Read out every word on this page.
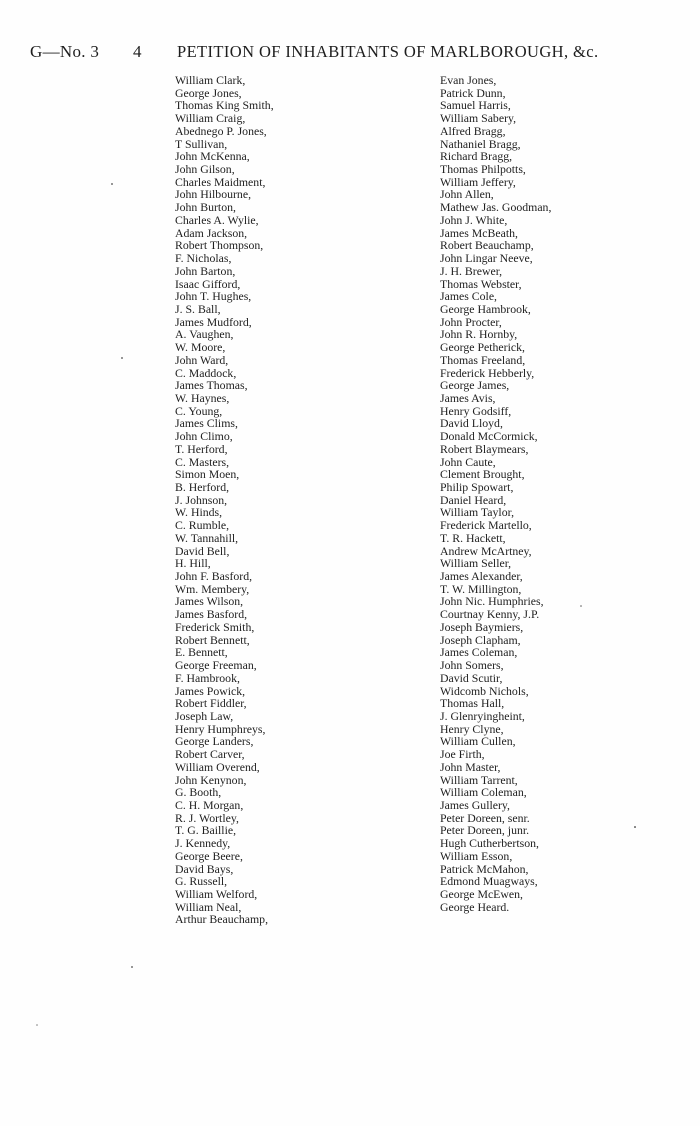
G—No. 3 4 PETITION OF INHABITANTS OF MARLBOROUGH, &c.
William Clark,
George Jones,
Thomas King Smith,
William Craig,
Abednego P. Jones,
T Sullivan,
John McKenna,
John Gilson,
Charles Maidment,
John Hilbourne,
John Burton,
Charles A. Wylie,
Adam Jackson,
Robert Thompson,
F. Nicholas,
John Barton,
Isaac Gifford,
John T. Hughes,
J. S. Ball,
James Mudford,
A. Vaughen,
W. Moore,
John Ward,
C. Maddock,
James Thomas,
W. Haynes,
C. Young,
James Clims,
John Climo,
T. Herford,
C. Masters,
Simon Moen,
B. Herford,
J. Johnson,
W. Hinds,
C. Rumble,
W. Tannahill,
David Bell,
H. Hill,
John F. Basford,
Wm. Membery,
James Wilson,
James Basford,
Frederick Smith,
Robert Bennett,
E. Bennett,
George Freeman,
F. Hambrook,
James Powick,
Robert Fiddler,
Joseph Law,
Henry Humphreys,
George Landers,
Robert Carver,
William Overend,
John Kenynon,
G. Booth,
C. H. Morgan,
R. J. Wortley,
T. G. Baillie,
J. Kennedy,
George Beere,
David Bays,
G. Russell,
William Welford,
William Neal,
Arthur Beauchamp,
Evan Jones,
Patrick Dunn,
Samuel Harris,
William Sabery,
Alfred Bragg,
Nathaniel Bragg,
Richard Bragg,
Thomas Philpotts,
William Jeffery,
John Allen,
Mathew Jas. Goodman,
John J. White,
James McBeath,
Robert Beauchamp,
John Lingar Neeve,
J. H. Brewer,
Thomas Webster,
James Cole,
George Hambrook,
John Procter,
John R. Hornby,
George Petherick,
Thomas Freeland,
Frederick Hebberly,
George James,
James Avis,
Henry Godsiff,
David Lloyd,
Donald McCormick,
Robert Blaymears,
John Caute,
Clement Brought,
Philip Spowart,
Daniel Heard,
William Taylor,
Frederick Martello,
T. R. Hackett,
Andrew McArtney,
William Seller,
James Alexander,
T. W. Millington,
John Nic. Humphries,
Courtnay Kenny, J.P.
Joseph Baymiers,
Joseph Clapham,
James Coleman,
John Somers,
David Scutir,
Widcomb Nichols,
Thomas Hall,
J. Glenryingheint,
Henry Clyne,
William Cullen,
Joe Firth,
John Master,
William Tarrent,
William Coleman,
James Gullery,
Peter Doreen, senr.
Peter Doreen, junr.
Hugh Cutherbertson,
William Esson,
Patrick McMahon,
Edmond Muagways,
George McEwen,
George Heard.
